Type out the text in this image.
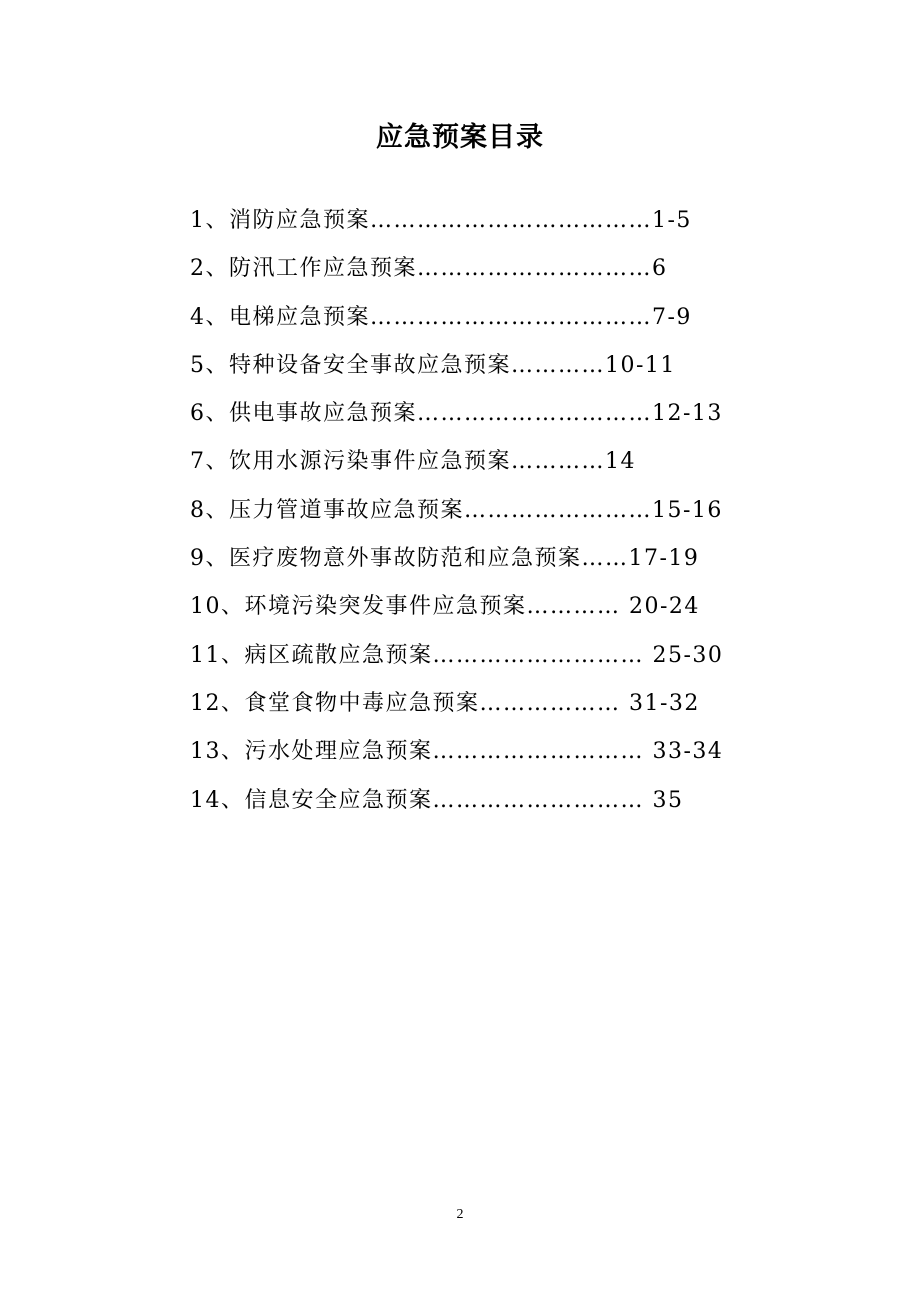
应急预案目录
1、消防应急预案………………………………1-5
2、防汛工作应急预案…………………………6
4、电梯应急预案………………………………7-9
5、特种设备安全事故应急预案…………10-11
6、供电事故应急预案…………………………12-13
7、饮用水源污染事件应急预案…………14
8、压力管道事故应急预案……………………15-16
9、医疗废物意外事故防范和应急预案……17-19
10、环境污染突发事件应急预案………… 20-24
11、病区疏散应急预案……………………… 25-30
12、食堂食物中毒应急预案……………… 31-32
13、污水处理应急预案……………………… 33-34
14、信息安全应急预案……………………… 35
2
